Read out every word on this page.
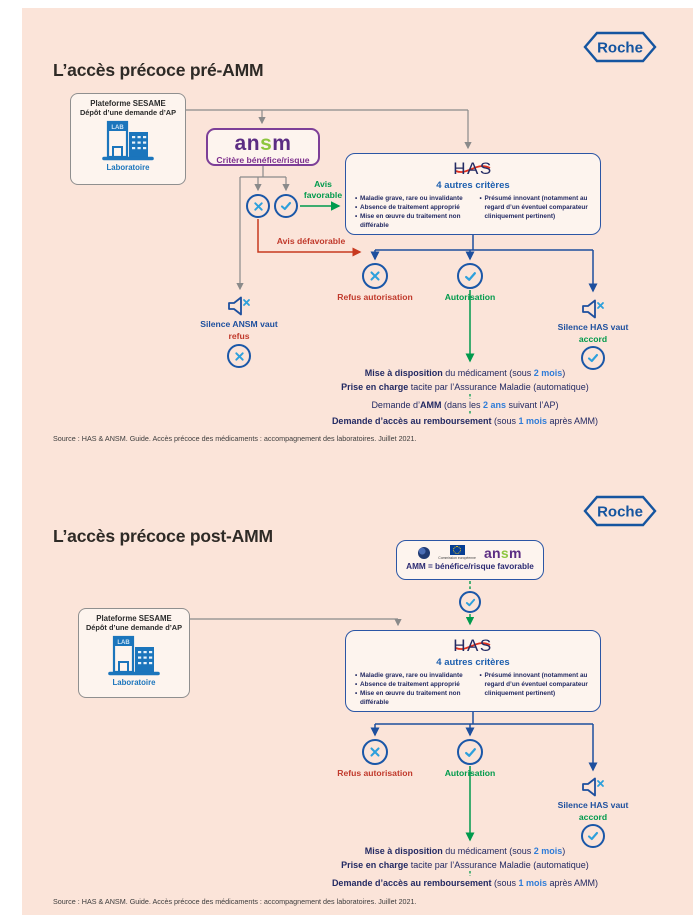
Roche
L’accès précoce pré-AMM
Plateforme SESAME
Dépôt d’une demande d’AP
LAB
Laboratoire
ansm
Critère bénéfice/risque
Avis favorable
Avis défavorable
HAS
4 autres critères
• Maladie grave, rare ou invalidante
• Absence de traitement approprié
• Mise en œuvre du traitement non différable
• Présumé innovant (notamment au regard d’un éventuel comparateur cliniquement pertinent)
Refus autorisation	Autorisation
Silence ANSM vaut
refus
Silence HAS vaut
accord
Mise à disposition du médicament (sous 2 mois)
Prise en charge tacite par l’Assurance Maladie (automatique)
Demande d’AMM (dans les 2 ans suivant l’AP)
Demande d’accès au remboursement (sous 1 mois après AMM)
Source : HAS & ANSM. Guide. Accès précoce des médicaments : accompagnement des laboratoires. Juillet 2021.
Roche
L’accès précoce post-AMM
Commission européenne ansm
AMM = bénéfice/risque favorable
Plateforme SESAME
Dépôt d’une demande d’AP
LAB
Laboratoire
HAS
4 autres critères
• Maladie grave, rare ou invalidante
• Absence de traitement approprié
• Mise en œuvre du traitement non différable
• Présumé innovant (notamment au regard d’un éventuel comparateur cliniquement pertinent)
Refus autorisation	Autorisation
Silence HAS vaut
accord
Mise à disposition du médicament (sous 2 mois)
Prise en charge tacite par l’Assurance Maladie (automatique)
Demande d’accès au remboursement (sous 1 mois après AMM)
Source : HAS & ANSM. Guide. Accès précoce des médicaments : accompagnement des laboratoires. Juillet 2021.
